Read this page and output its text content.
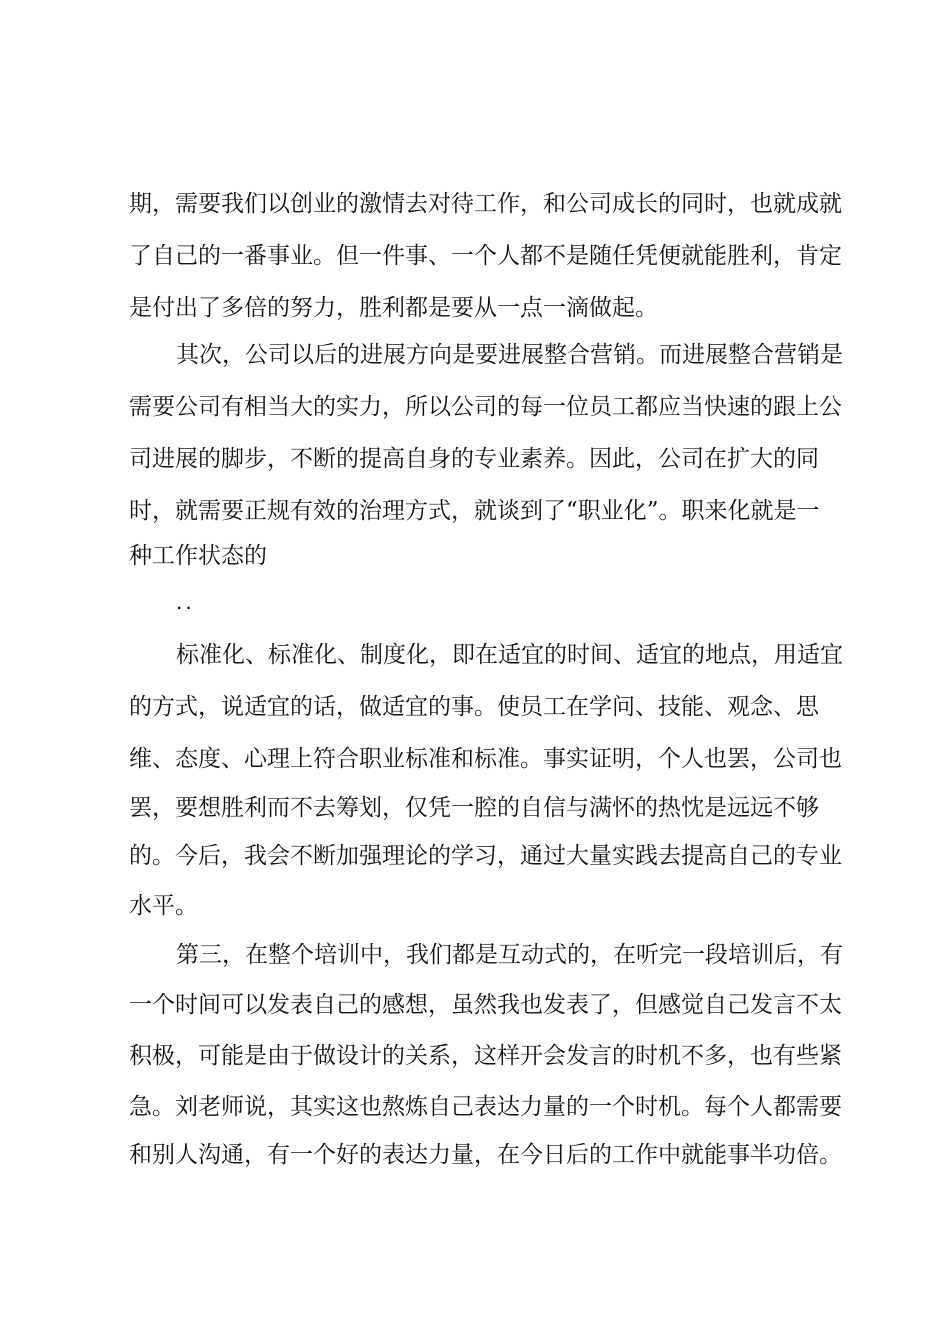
期，需要我们以创业的激情去对待工作，和公司成长的同时，也就成就
了自己的一番事业。但一件事、一个人都不是随任凭便就能胜利，肯定
是付出了多倍的努力，胜利都是要从一点一滴做起。
其次，公司以后的进展方向是要进展整合营销。而进展整合营销是
需要公司有相当大的实力，所以公司的每一位员工都应当快速的跟上公
司进展的脚步，不断的提高自身的专业素养。因此，公司在扩大的同
时，就需要正规有效的治理方式，就谈到了“职业化”。职来化就是一
种工作状态的
..
标准化、标准化、制度化，即在适宜的时间、适宜的地点，用适宜
的方式，说适宜的话，做适宜的事。使员工在学问、技能、观念、思
维、态度、心理上符合职业标准和标准。事实证明，个人也罢，公司也
罢，要想胜利而不去筹划，仅凭一腔的自信与满怀的热忱是远远不够
的。今后，我会不断加强理论的学习，通过大量实践去提高自己的专业
水平。
第三，在整个培训中，我们都是互动式的，在听完一段培训后，有
一个时间可以发表自己的感想，虽然我也发表了，但感觉自己发言不太
积极，可能是由于做设计的关系，这样开会发言的时机不多，也有些紧
急。刘老师说，其实这也熬炼自己表达力量的一个时机。每个人都需要
和别人沟通，有一个好的表达力量，在今日后的工作中就能事半功倍。
